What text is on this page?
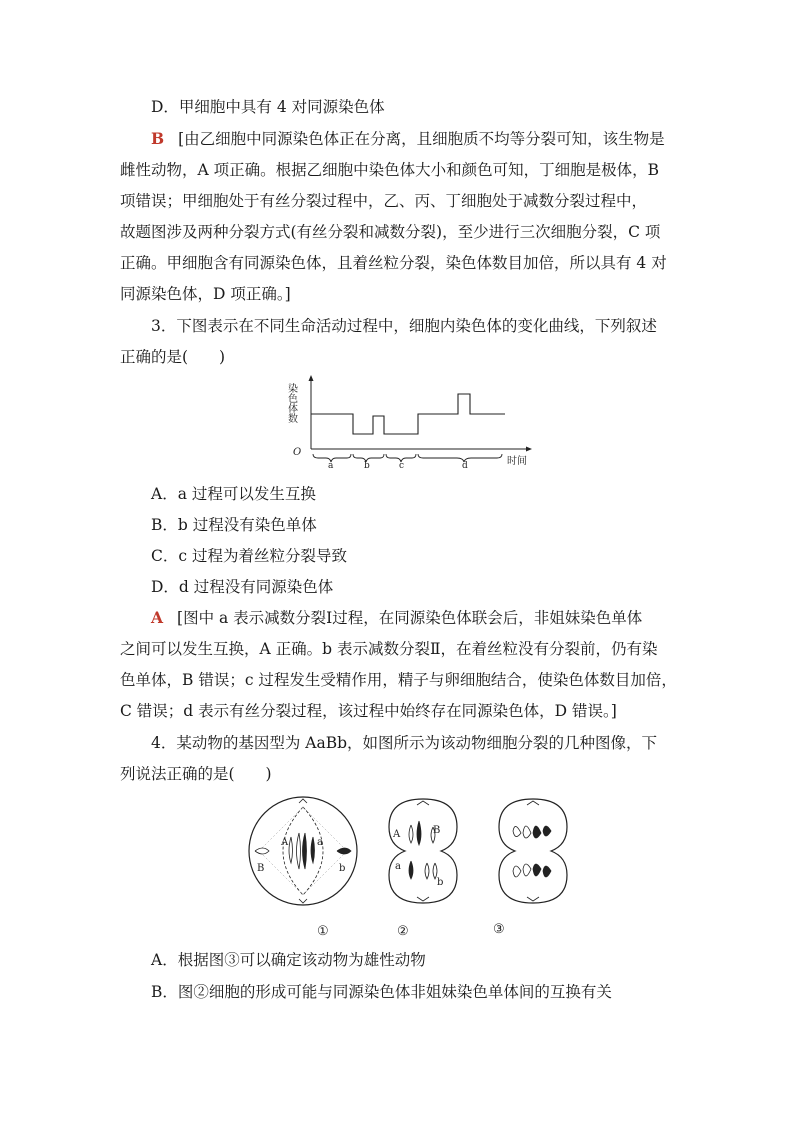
D．甲细胞中具有 4 对同源染色体
B [由乙细胞中同源染色体正在分离，且细胞质不均等分裂可知，该生物是
雌性动物，A 项正确。根据乙细胞中染色体大小和颜色可知，丁细胞是极体，B
项错误；甲细胞处于有丝分裂过程中，乙、丙、丁细胞处于减数分裂过程中，
故题图涉及两种分裂方式(有丝分裂和减数分裂)，至少进行三次细胞分裂，C 项
正确。甲细胞含有同源染色体，且着丝粒分裂，染色体数目加倍，所以具有 4 对
同源染色体，D 项正确。]
3．下图表示在不同生命活动过程中，细胞内染色体的变化曲线，下列叙述
正确的是(　　)
染色体数
O
a	b	c	d	时间
A．a 过程可以发生互换
B．b 过程没有染色单体
C．c 过程为着丝粒分裂导致
D．d 过程没有同源染色体
A [图中 a 表示减数分裂Ⅰ过程，在同源染色体联会后，非姐妹染色单体
之间可以发生互换，A 正确。b 表示减数分裂Ⅱ，在着丝粒没有分裂前，仍有染
色单体，B 错误；c 过程发生受精作用，精子与卵细胞结合，使染色体数目加倍，
C 错误；d 表示有丝分裂过程，该过程中始终存在同源染色体，D 错误。]
4．某动物的基因型为 AaBb，如图所示为该动物细胞分裂的几种图像，下
列说法正确的是(　　)
A	a
B	b
A	B
a
b
①	②	③
A．根据图③可以确定该动物为雄性动物
B．图②细胞的形成可能与同源染色体非姐妹染色单体间的互换有关
